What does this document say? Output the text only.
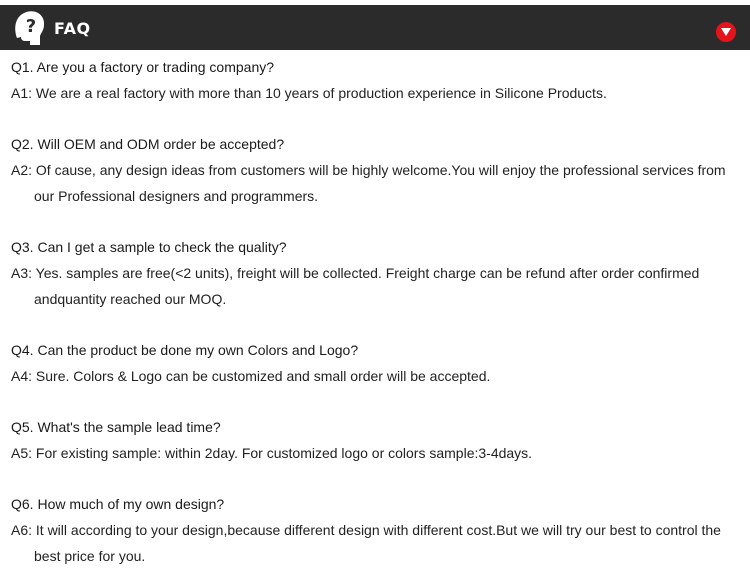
? FAQ
Q1. Are you a factory or trading company?
A1: We are a real factory with more than 10 years of production experience in Silicone Products.
Q2. Will OEM and ODM order be accepted?
A2: Of cause, any design ideas from customers will be highly welcome.You will enjoy the professional services from
our Professional designers and programmers.
Q3. Can I get a sample to check the quality?
A3: Yes. samples are free(<2 units), freight will be collected. Freight charge can be refund after order confirmed
andquantity reached our MOQ.
Q4. Can the product be done my own Colors and Logo?
A4: Sure. Colors & Logo can be customized and small order will be accepted.
Q5. What's the sample lead time?
A5: For existing sample: within 2day. For customized logo or colors sample:3-4days.
Q6. How much of my own design?
A6: It will according to your design,because different design with different cost.But we will try our best to control the
best price for you.
